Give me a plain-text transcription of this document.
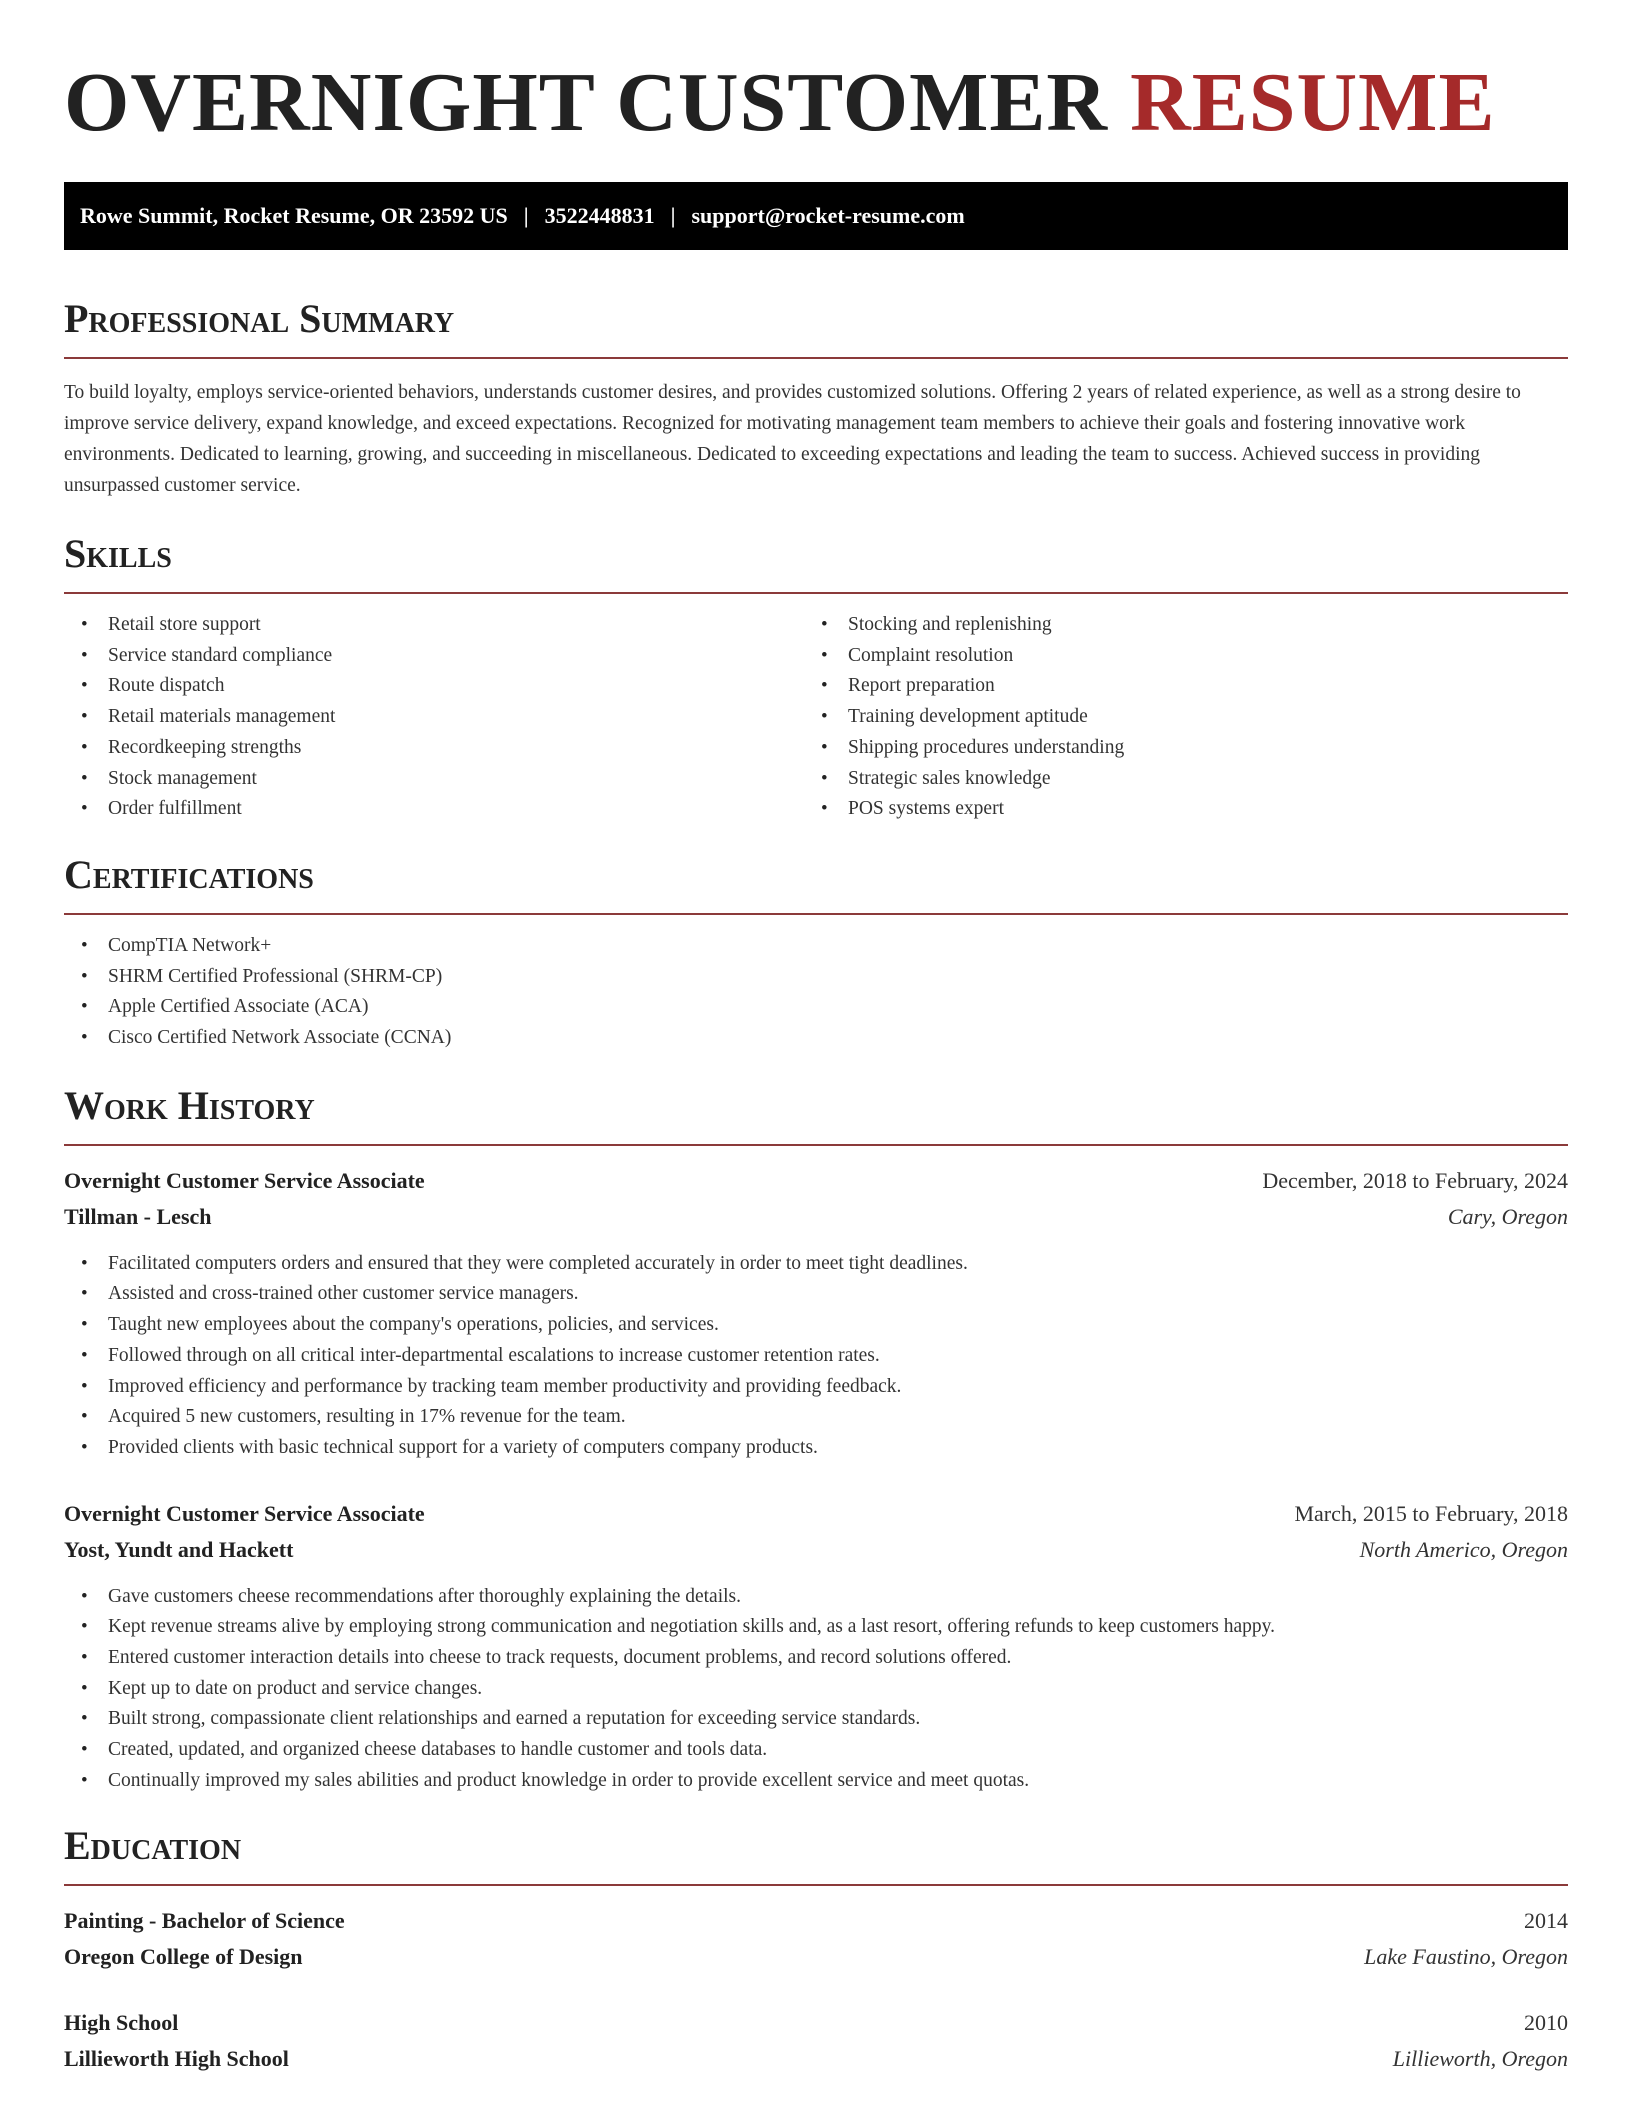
OVERNIGHT CUSTOMER RESUME
Rowe Summit, Rocket Resume, OR 23592 US | 3522448831 | support@rocket-resume.com
Professional Summary

To build loyalty, employs service-oriented behaviors, understands customer desires, and provides customized solutions. Offering 2 years of related experience, as well as a strong desire to improve service delivery, expand knowledge, and exceed expectations. Recognized for motivating management team members to achieve their goals and fostering innovative work environments. Dedicated to learning, growing, and succeeding in miscellaneous. Dedicated to exceeding expectations and leading the team to success. Achieved success in providing unsurpassed customer service.

Skills
• Retail store support
• Service standard compliance
• Route dispatch
• Retail materials management
• Recordkeeping strengths
• Stock management
• Order fulfillment
• Stocking and replenishing
• Complaint resolution
• Report preparation
• Training development aptitude
• Shipping procedures understanding
• Strategic sales knowledge
• POS systems expert
Certifications
• CompTIA Network+
• SHRM Certified Professional (SHRM-CP)
• Apple Certified Associate (ACA)
• Cisco Certified Network Associate (CCNA)
Work History
Overnight Customer Service Associate	December, 2018 to February, 2024
Tillman - Lesch	Cary, Oregon
• Facilitated computers orders and ensured that they were completed accurately in order to meet tight deadlines.
• Assisted and cross-trained other customer service managers.
• Taught new employees about the company's operations, policies, and services.
• Followed through on all critical inter-departmental escalations to increase customer retention rates.
• Improved efficiency and performance by tracking team member productivity and providing feedback.
• Acquired 5 new customers, resulting in 17% revenue for the team.
• Provided clients with basic technical support for a variety of computers company products.
Overnight Customer Service Associate	March, 2015 to February, 2018
Yost, Yundt and Hackett	North Americo, Oregon
• Gave customers cheese recommendations after thoroughly explaining the details.
• Kept revenue streams alive by employing strong communication and negotiation skills and, as a last resort, offering refunds to keep customers happy.
• Entered customer interaction details into cheese to track requests, document problems, and record solutions offered.
• Kept up to date on product and service changes.
• Built strong, compassionate client relationships and earned a reputation for exceeding service standards.
• Created, updated, and organized cheese databases to handle customer and tools data.
• Continually improved my sales abilities and product knowledge in order to provide excellent service and meet quotas.
Education
Painting - Bachelor of Science	2014
Oregon College of Design	Lake Faustino, Oregon
High School	2010
Lillieworth High School	Lillieworth, Oregon
